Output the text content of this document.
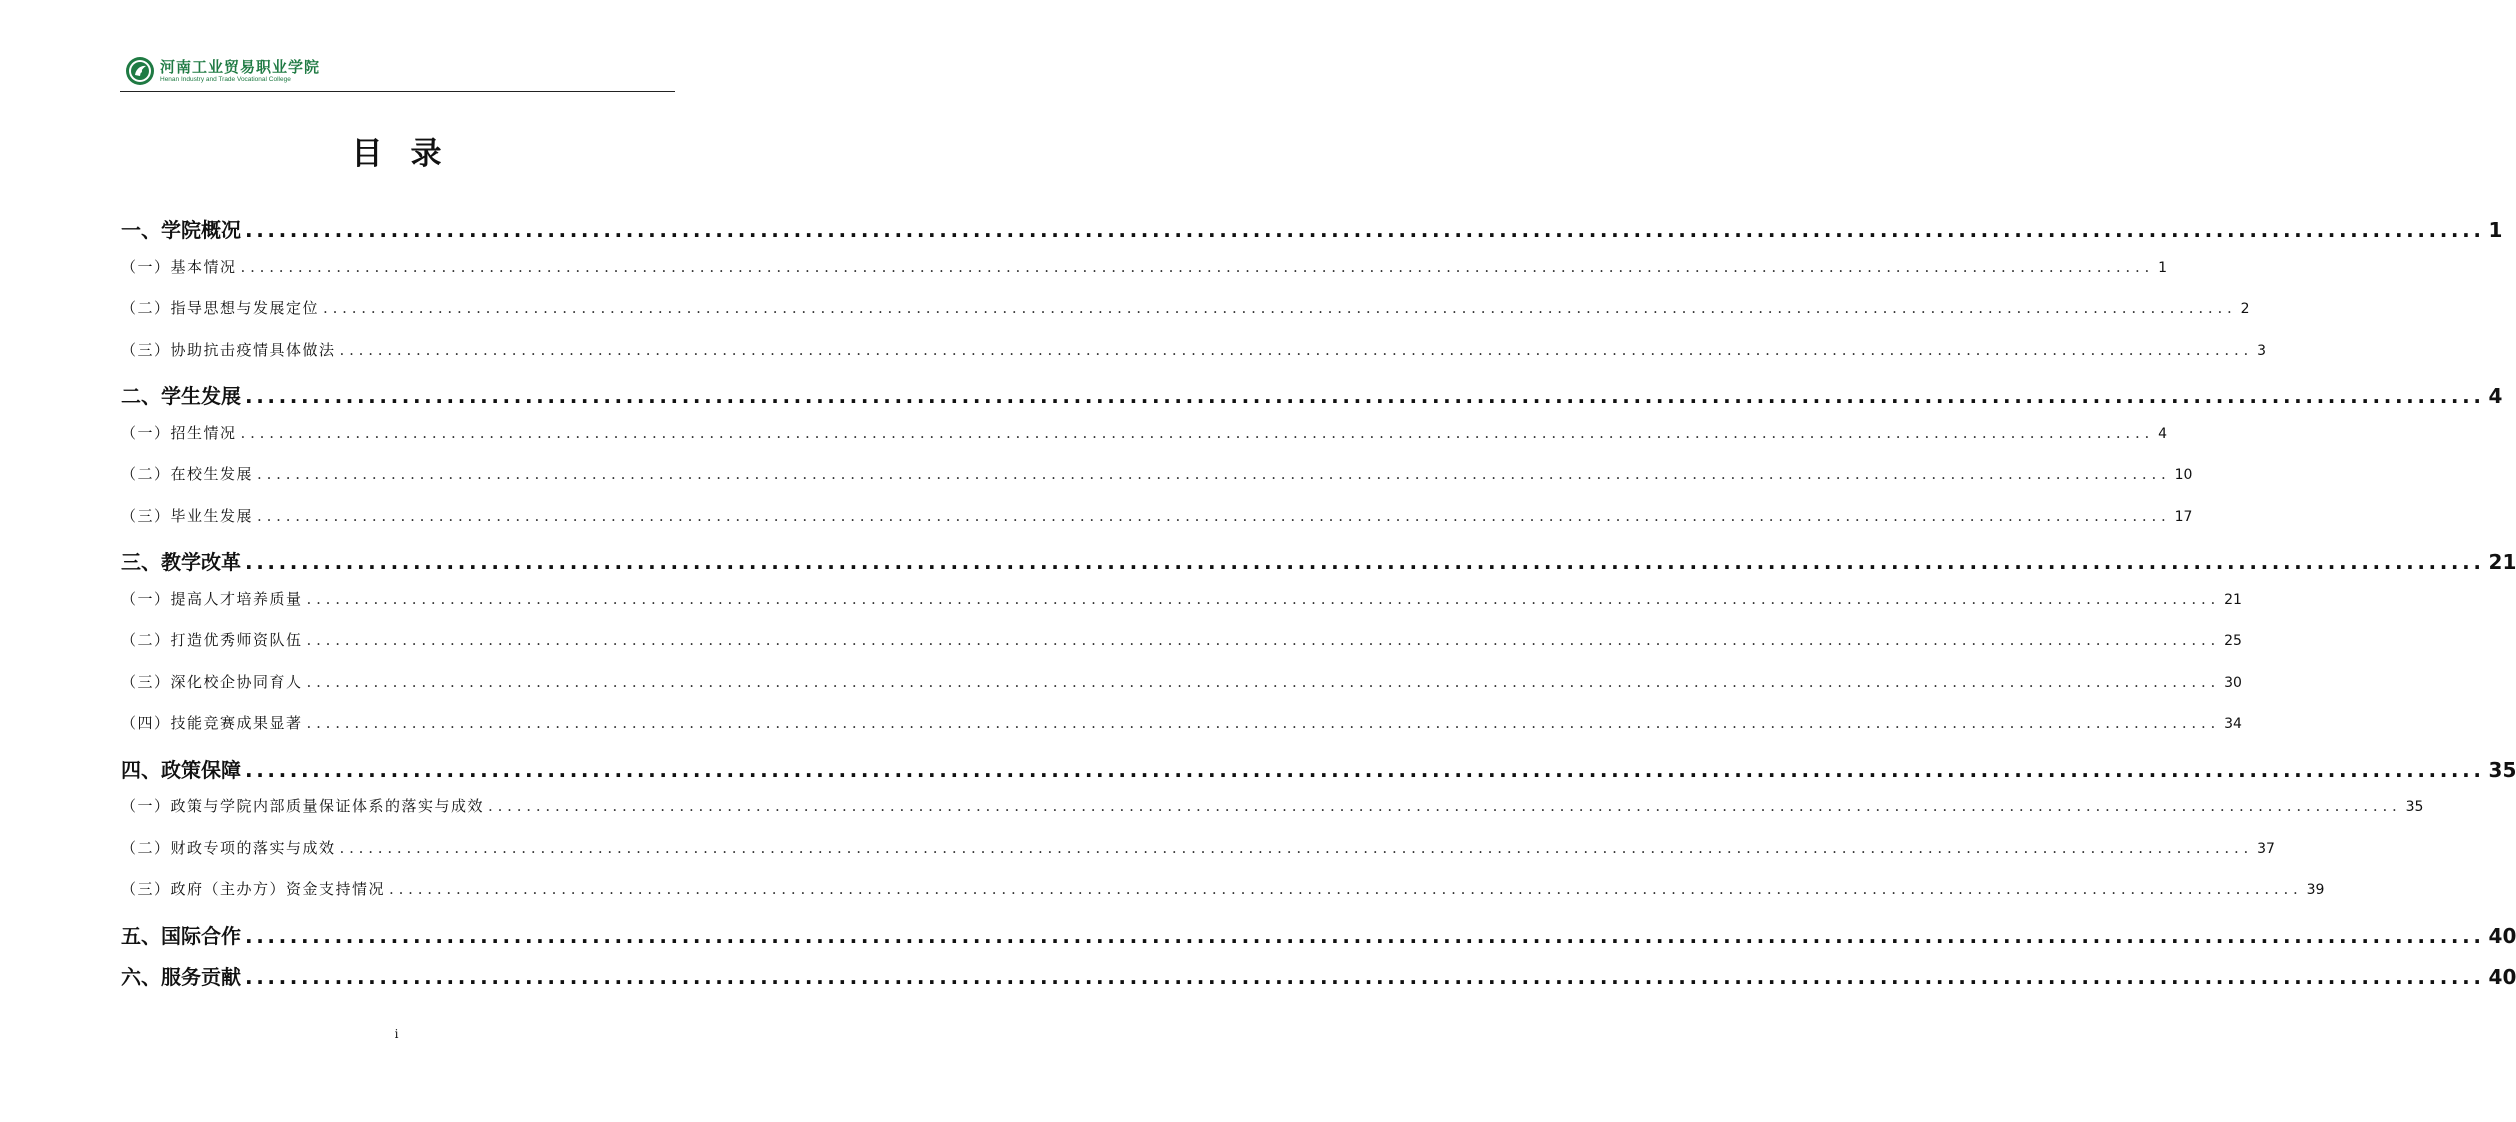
河南工业贸易职业学院
Henan Industry and Trade Vocational College
目录
一、学院概况 ........................................................................................................................................................................................................ 1
（一）基本情况 ........................................................................................................................................................................................................ 1
（二）指导思想与发展定位 ........................................................................................................................................................................................................ 2
（三）协助抗击疫情具体做法 ........................................................................................................................................................................................................ 3
二、学生发展 ........................................................................................................................................................................................................ 4
（一）招生情况 ........................................................................................................................................................................................................ 4
（二）在校生发展 ........................................................................................................................................................................................................ 10
（三）毕业生发展 ........................................................................................................................................................................................................ 17
三、教学改革 ........................................................................................................................................................................................................ 21
（一）提高人才培养质量 ........................................................................................................................................................................................................ 21
（二）打造优秀师资队伍 ........................................................................................................................................................................................................ 25
（三）深化校企协同育人 ........................................................................................................................................................................................................ 30
（四）技能竞赛成果显著 ........................................................................................................................................................................................................ 34
四、政策保障 ........................................................................................................................................................................................................ 35
（一）政策与学院内部质量保证体系的落实与成效 ........................................................................................................................................................................................................ 35
（二）财政专项的落实与成效 ........................................................................................................................................................................................................ 37
（三）政府（主办方）资金支持情况 ........................................................................................................................................................................................................ 39
五、国际合作 ........................................................................................................................................................................................................ 40
六、服务贡献 ........................................................................................................................................................................................................ 40
i
